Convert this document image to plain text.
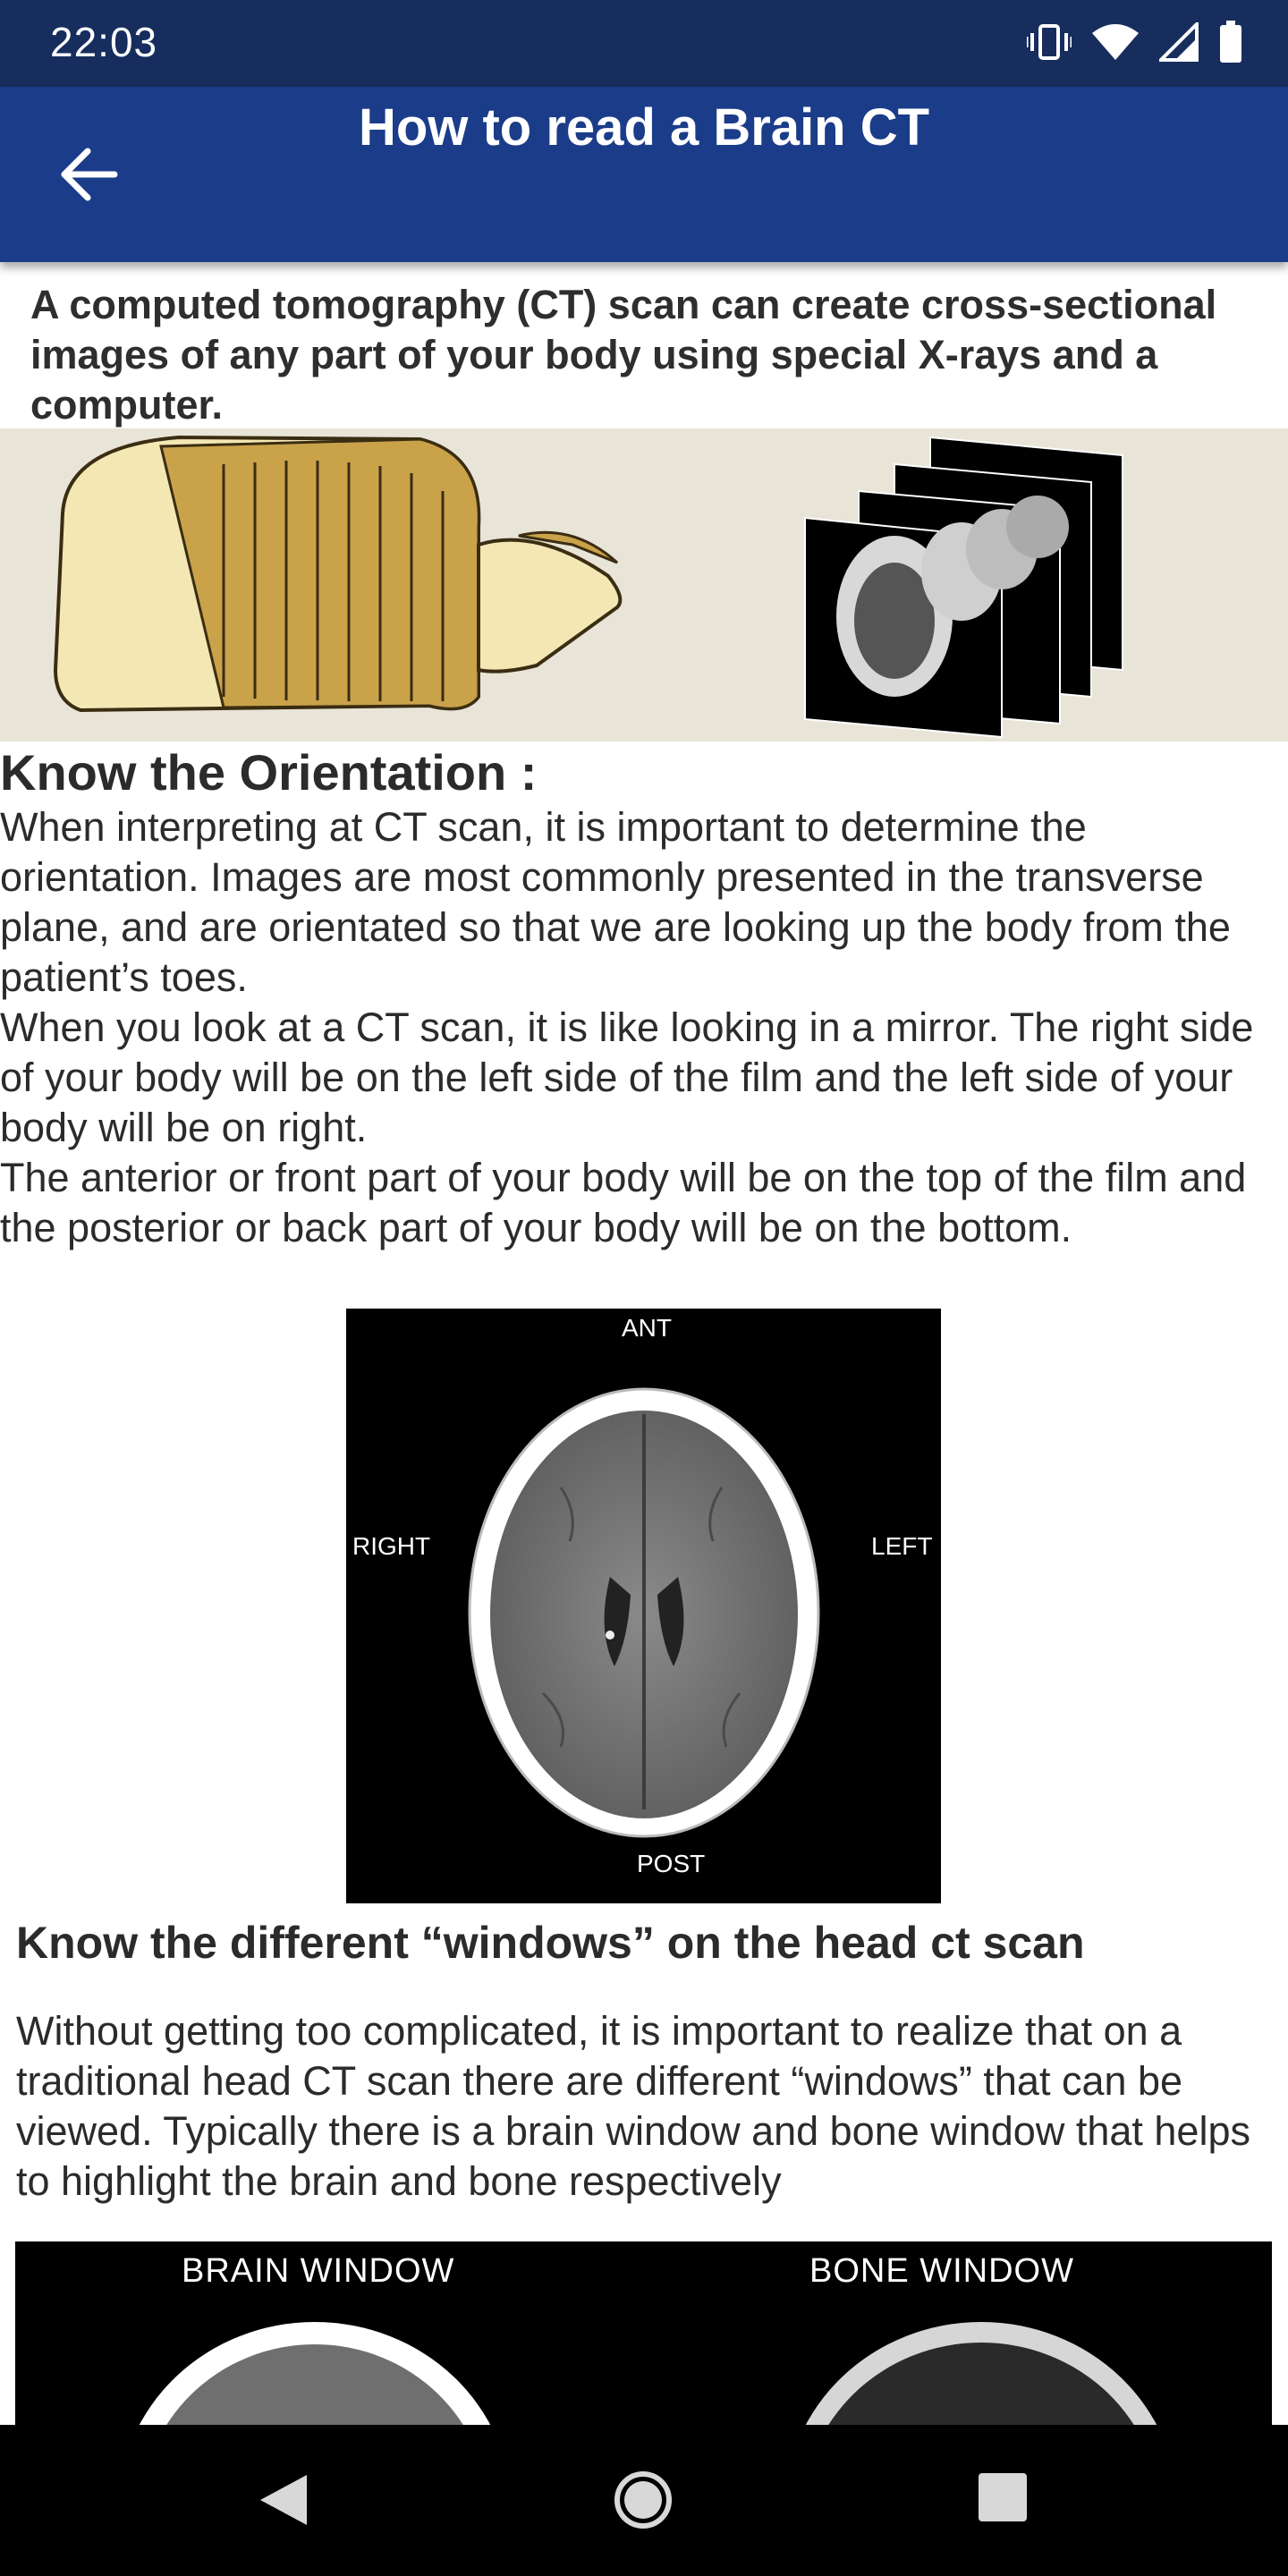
22:03
How to read a Brain CT
A computed tomography (CT) scan can create cross-sectional images of any part of your body using special X-rays and a computer.
Know the Orientation :

When interpreting at CT scan, it is important to determine the orientation. Images are most commonly presented in the transverse plane, and are orientated so that we are looking up the body from the patient’s toes.

When you look at a CT scan, it is like looking in a mirror. The right side of your body will be on the left side of the film and the left side of your body will be on right.

The anterior or front part of your body will be on the top of the film and the posterior or back part of your body will be on the bottom.

ANT
RIGHT	LEFT
POST
Know the different “windows” on the head ct scan
Without getting too complicated, it is important to realize that on a traditional head CT scan there are different “windows” that can be viewed. Typically there is a brain window and bone window that helps to highlight the brain and bone respectively
BRAIN WINDOW	BONE WINDOW
